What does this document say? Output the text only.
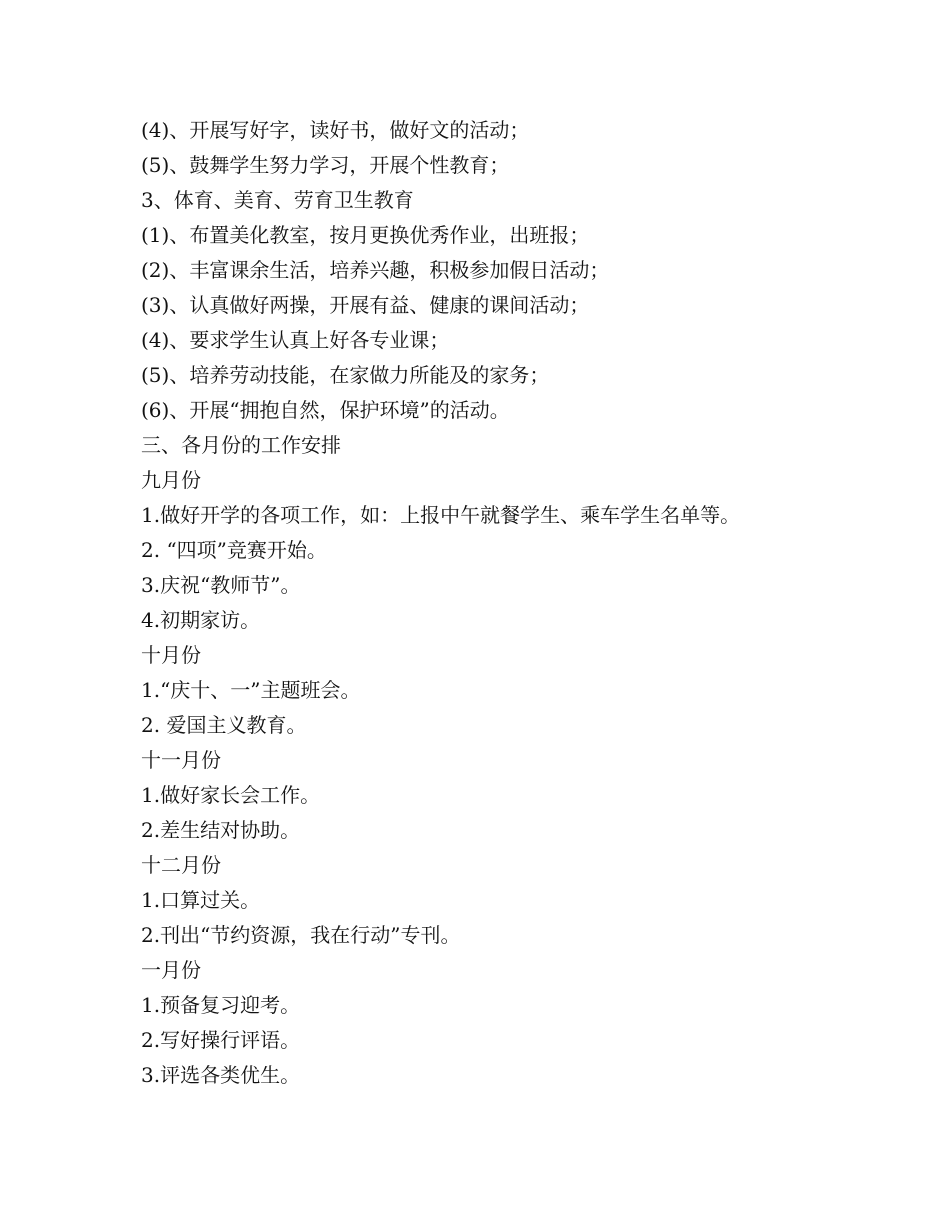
(4)、开展写好字，读好书，做好文的活动；
(5)、鼓舞学生努力学习，开展个性教育；
3、体育、美育、劳育卫生教育
(1)、布置美化教室，按月更换优秀作业，出班报；
(2)、丰富课余生活，培养兴趣，积极参加假日活动；
(3)、认真做好两操，开展有益、健康的课间活动；
(4)、要求学生认真上好各专业课；
(5)、培养劳动技能，在家做力所能及的家务；
(6)、开展“拥抱自然，保护环境”的活动。
三、各月份的工作安排
九月份
1.做好开学的各项工作，如：上报中午就餐学生、乘车学生名单等。
2. “四项”竞赛开始。
3.庆祝“教师节”。
4.初期家访。
十月份
1.“庆十、一”主题班会。
2. 爱国主义教育。
十一月份
1.做好家长会工作。
2.差生结对协助。
十二月份
1.口算过关。
2.刊出“节约资源，我在行动”专刊。
一月份
1.预备复习迎考。
2.写好操行评语。
3.评选各类优生。
